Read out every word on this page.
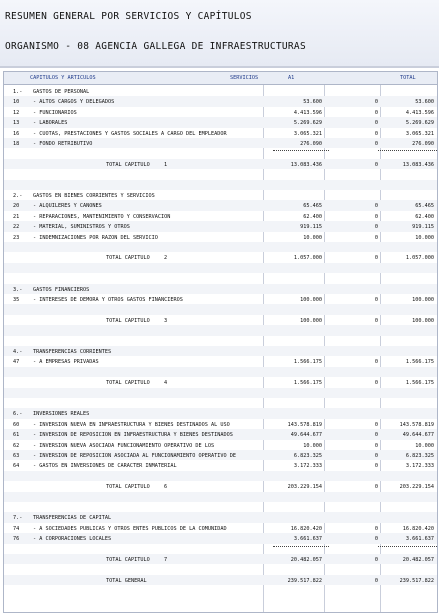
RESUMEN GENERAL POR SERVICIOS Y CAPÍTULOS
ORGANISMO - 08 AGENCIA GALLEGA DE INFRAESTRUCTURAS
CAPÍTULOS Y ARTÍCULOS	SERVICIOS	A1	TOTAL
1.- GASTOS DE PERSONAL
10	- ALTOS CARGOS Y DELEGADOS	53.600	0	53.600
12	- FUNCIONARIOS	4.413.596	0	4.413.596
13	- LABORALES	5.269.629	0	5.269.629
16	- CUOTAS, PRESTACIONES Y GASTOS SOCIALES A CARGO DEL EMPLEADOR	3.065.321	0	3.065.321
18	- FONDO RETRIBUTIVO	276.090	0	276.090
TOTAL CAPÍTULO	1	13.083.436	0	13.083.436
2.- GASTOS EN BIENES CORRIENTES Y SERVICIOS
20	- ALQUILERES Y CÁNONES	65.465	0	65.465
21	- REPARACIONES, MANTENIMIENTO Y CONSERVACIÓN	62.400	0	62.400
22	- MATERIAL, SUMINISTROS Y OTROS	919.115	0	919.115
23	- INDEMNIZACIONES POR RAZÓN DEL SERVICIO	10.000	0	10.000
TOTAL CAPÍTULO	2	1.057.000	0	1.057.000
3.- GASTOS FINANCIEROS
35	- INTERESES DE DEMORA Y OTROS GASTOS FINANCIEROS	100.000	0	100.000
TOTAL CAPÍTULO	3	100.000	0	100.000
4.- TRANSFERENCIAS CORRIENTES
47	- A EMPRESAS PRIVADAS	1.566.175	0	1.566.175
TOTAL CAPÍTULO	4	1.566.175	0	1.566.175
6.- INVERSIONES REALES
60	- INVERSIÓN NUEVA EN INFRAESTRUCTURA Y BIENES DESTINADOS AL USO	143.578.819	0	143.578.819
61	- INVERSIÓN DE REPOSICIÓN EN INFRAESTRUCTURA Y BIENES DESTINADOS	49.644.677	0	49.644.677
62	- INVERSIÓN NUEVA ASOCIADA FUNCIONAMIENTO OPERATIVO DE LOS	10.000	0	10.000
63	- INVERSIÓN DE REPOSICIÓN ASOCIADA AL FUNCIONAMIENTO OPERATIVO DE	6.823.325	0	6.823.325
64	- GASTOS EN INVERSIONES DE CARÁCTER INMATERIAL	3.172.333	0	3.172.333
TOTAL CAPÍTULO	6	203.229.154	0	203.229.154
7.- TRANSFERENCIAS DE CAPITAL
74	- A SOCIEDADES PÚBLICAS Y OTROS ENTES PÚBLICOS DE LA COMUNIDAD	16.820.420	0	16.820.420
76	- A CORPORACIONES LOCALES	3.661.637	0	3.661.637
TOTAL CAPÍTULO	7	20.482.057	0	20.482.057
TOTAL GENERAL	239.517.822	0	239.517.822
